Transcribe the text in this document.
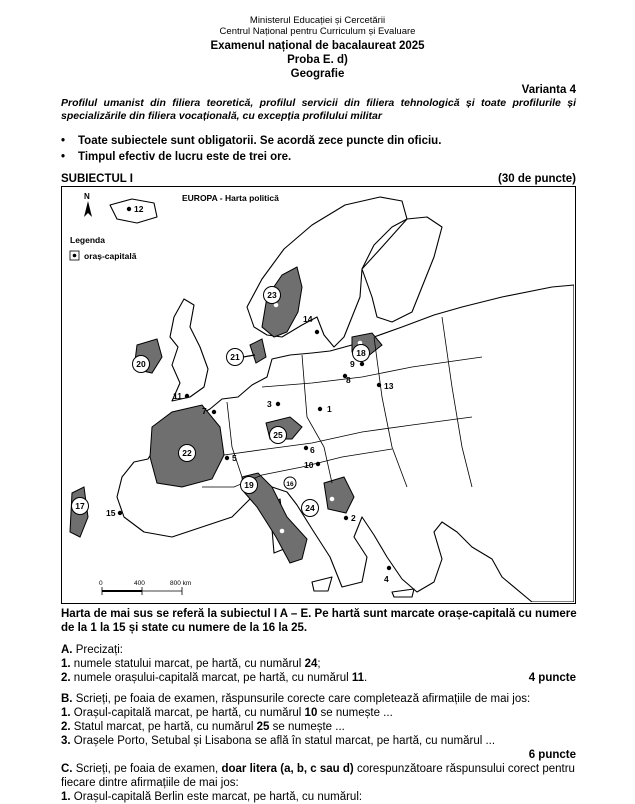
Ministerul Educației și Cercetării
Centrul Național pentru Curriculum și Evaluare
Examenul național de bacalaureat 2025
Proba E. d)
Geografie
Varianta 4
Profilul umanist din filiera teoretică, profilul servicii din filiera tehnologică și toate profilurile și specializările din filiera vocațională, cu excepția profilului militar
• Toate subiectele sunt obligatorii. Se acordă zece puncte din oficiu.
• Timpul efectiv de lucru este de trei ore.
SUBIECTUL I	(30 de puncte)
N	EUROPA - Harta politică
Legenda
oraș-capitală
0	400	800 km
16
17
18
19
20
21
22
23
24
25
1
2
3
4
5
6
7
8
9
10
11
12
13
14
15
Harta de mai sus se referă la subiectul I A – E. Pe hartă sunt marcate orașe-capitală cu numere de la 1 la 15 și state cu numere de la 16 la 25.
A. Precizați:
1. numele statului marcat, pe hartă, cu numărul 24;
2. numele orașului-capitală marcat, pe hartă, cu numărul 11.	4 puncte
B. Scrieți, pe foaia de examen, răspunsurile corecte care completează afirmațiile de mai jos:
1. Orașul-capitală marcat, pe hartă, cu numărul 10 se numește ...
2. Statul marcat, pe hartă, cu numărul 25 se numește ...
3. Orașele Porto, Setubal și Lisabona se află în statul marcat, pe hartă, cu numărul ...
6 puncte
C. Scrieți, pe foaia de examen, doar litera (a, b, c sau d) corespunzătoare răspunsului corect pentru fiecare dintre afirmațiile de mai jos:
1. Orașul-capitală Berlin este marcat, pe hartă, cu numărul:
